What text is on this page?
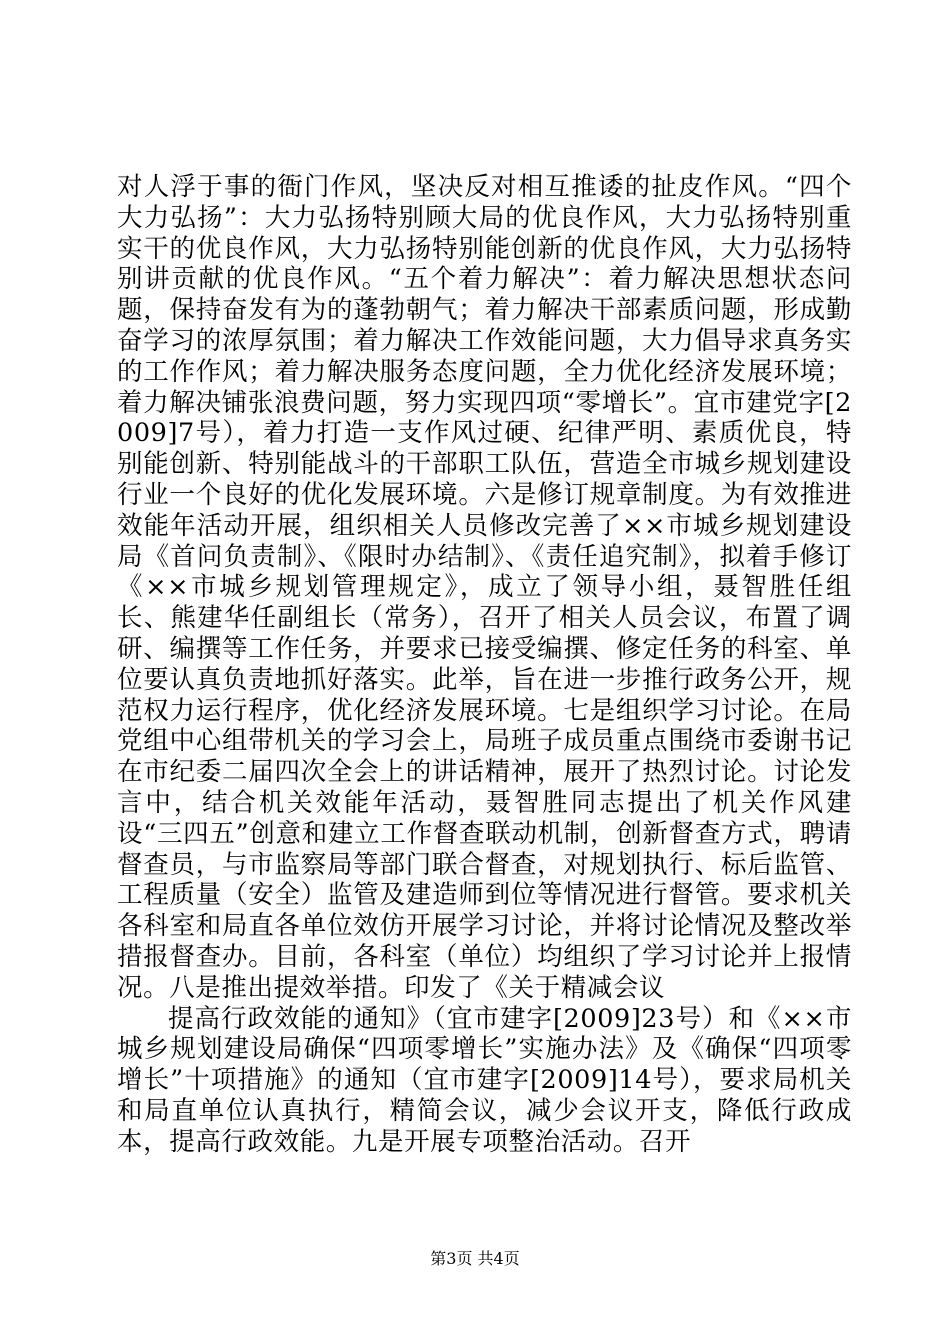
对人浮于事的衙门作风，坚决反对相互推诿的扯皮作风。“四个大力弘扬”：大力弘扬特别顾大局的优良作风，大力弘扬特别重实干的优良作风，大力弘扬特别能创新的优良作风，大力弘扬特别讲贡献的优良作风。“五个着力解决”：着力解决思想状态问题，保持奋发有为的蓬勃朝气；着力解决干部素质问题，形成勤奋学习的浓厚氛围；着力解决工作效能问题，大力倡导求真务实的工作作风；着力解决服务态度问题，全力优化经济发展环境；着力解决铺张浪费问题，努力实现四项“零增长”。宜市建党字[2009]7号），着力打造一支作风过硬、纪律严明、素质优良，特别能创新、特别能战斗的干部职工队伍，营造全市城乡规划建设行业一个良好的优化发展环境。六是修订规章制度。为有效推进效能年活动开展，组织相关人员修改完善了××市城乡规划建设局《首问负责制》、《限时办结制》、《责任追究制》，拟着手修订《××市城乡规划管理规定》，成立了领导小组，聂智胜任组长、熊建华任副组长（常务），召开了相关人员会议，布置了调研、编撰等工作任务，并要求已接受编撰、修定任务的科室、单位要认真负责地抓好落实。此举，旨在进一步推行政务公开，规范权力运行程序，优化经济发展环境。七是组织学习讨论。在局党组中心组带机关的学习会上，局班子成员重点围绕市委谢书记在市纪委二届四次全会上的讲话精神，展开了热烈讨论。讨论发言中，结合机关效能年活动，聂智胜同志提出了机关作风建设“三四五”创意和建立工作督查联动机制，创新督查方式，聘请督查员，与市监察局等部门联合督查，对规划执行、标后监管、工程质量（安全）监管及建造师到位等情况进行督管。要求机关各科室和局直各单位效仿开展学习讨论，并将讨论情况及整改举措报督查办。目前，各科室（单位）均组织了学习讨论并上报情况。八是推出提效举措。印发了《关于精减会议

提高行政效能的通知》（宜市建字[2009]23号）和《××市城乡规划建设局确保“四项零增长”实施办法》及《确保“四项零增长”十项措施》的通知（宜市建字[2009]14号），要求局机关和局直单位认真执行，精简会议，减少会议开支，降低行政成本，提高行政效能。九是开展专项整治活动。召开

第3页 共4页
